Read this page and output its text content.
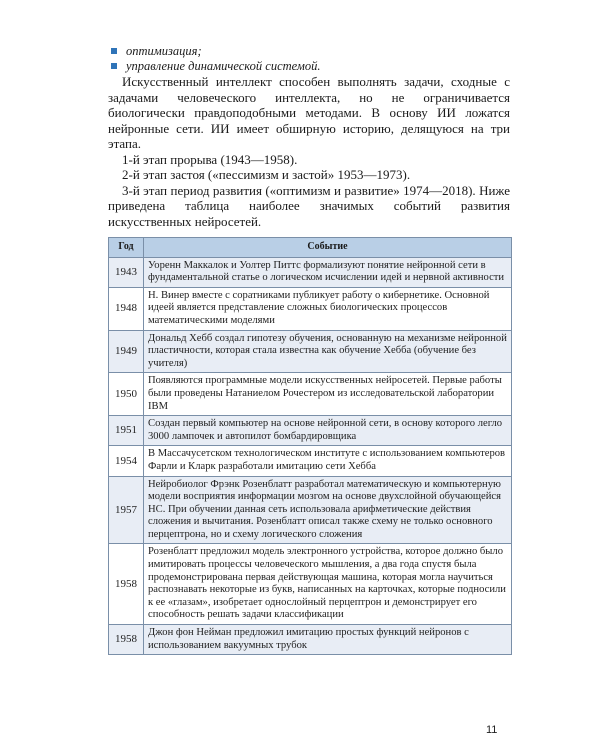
оптимизация;
управление динамической системой.

Искусственный интеллект способен выполнять задачи, сходные с задачами человеческого интеллекта, но не ограничивается биологически правдоподобными методами. В основу ИИ ложатся нейронные сети. ИИ имеет обширную историю, делящуюся на три этапа.

1-й этап прорыва (1943—1958).

2-й этап застоя («пессимизм и застой» 1953—1973).

3-й этап период развития («оптимизм и развитие» 1974—2018). Ниже приведена таблица наиболее значимых событий развития искусственных нейросетей.

Год	Событие
1943	Уоренн Маккалок и Уолтер Питтс формализуют понятие нейронной сети в фундаментальной статье о логическом исчислении идей и нервной активности
1948	Н. Винер вместе с соратниками публикует работу о кибернетике. Основной идеей является представление сложных биологических процессов математическими моделями
1949	Дональд Хебб создал гипотезу обучения, основанную на механизме нейронной пластичности, которая стала известна как обучение Хебба (обучение без учителя)
1950	Появляются программные модели искусственных нейросетей. Первые работы были проведены Натаниелом Рочестером из исследовательской лаборатории IBM
1951	Создан первый компьютер на основе нейронной сети, в основу которого легло 3000 лампочек и автопилот бомбардировщика
1954	В Массачусетском технологическом институте с использованием компьютеров Фарли и Кларк разработали имитацию сети Хебба
1957	Нейробиолог Фрэнк Розенблатт разработал математическую и компьютерную модели восприятия информации мозгом на основе двухслойной обучающейся НС. При обучении данная сеть использовала арифметические действия сложения и вычитания. Розенблатт описал также схему не только основного перцептрона, но и схему логического сложения
1958	Розенблатт предложил модель электронного устройства, которое должно было имитировать процессы человеческого мышления, а два года спустя была продемонстрирована первая действующая машина, которая могла научиться распознавать некоторые из букв, написанных на карточках, которые подносили к ее «глазам», изобретает однослойный перцептрон и демонстрирует его способность решать задачи классификации
1958	Джон фон Нейман предложил имитацию простых функций нейронов с использованием вакуумных трубок
11
